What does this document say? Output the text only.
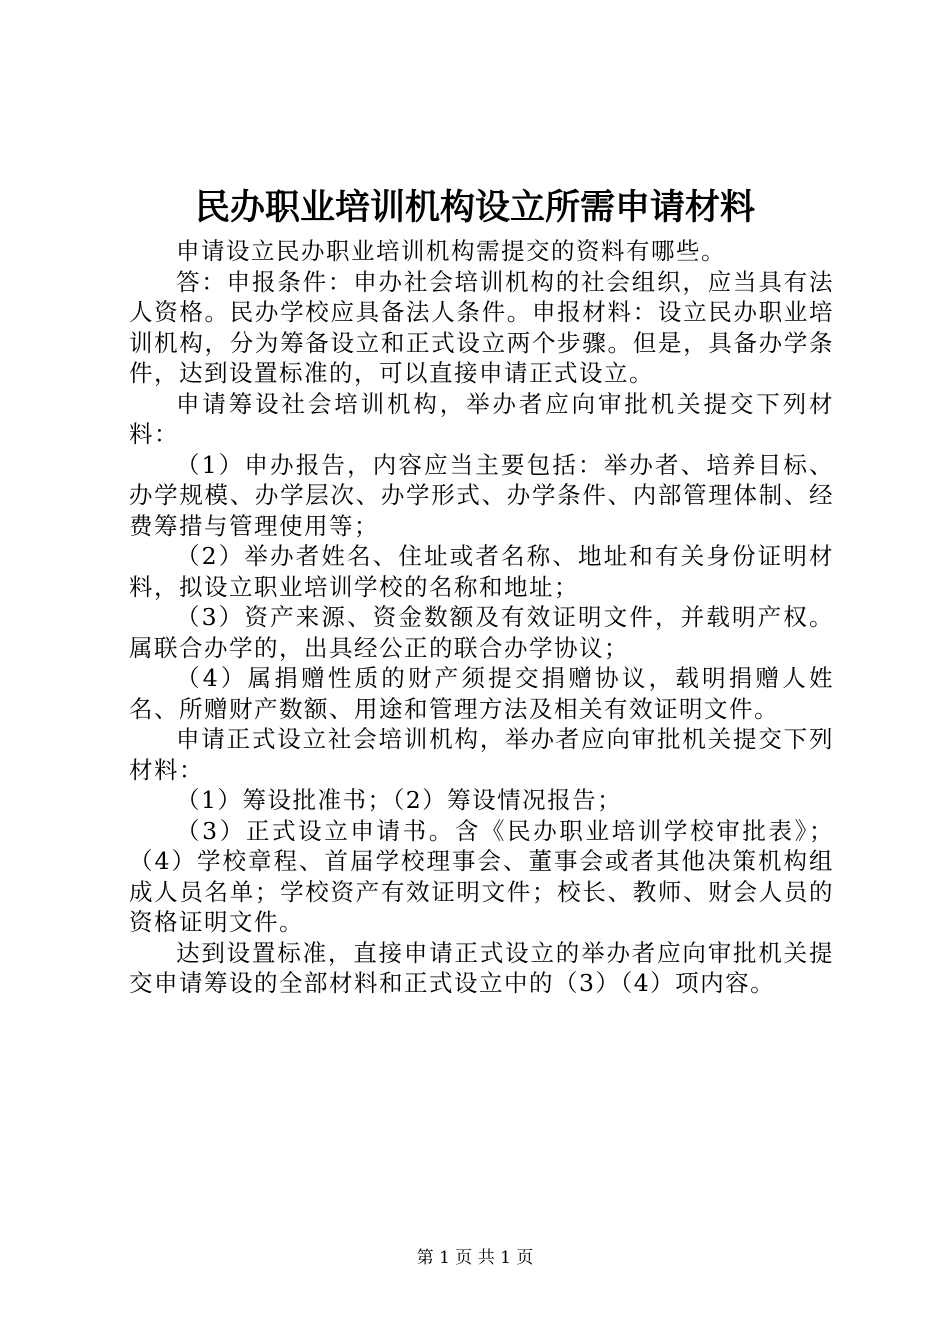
民办职业培训机构设立所需申请材料

申请设立民办职业培训机构需提交的资料有哪些。

答：申报条件：申办社会培训机构的社会组织，应当具有法人资格。民办学校应具备法人条件。申报材料：设立民办职业培训机构，分为筹备设立和正式设立两个步骤。但是，具备办学条件，达到设置标准的，可以直接申请正式设立。

申请筹设社会培训机构，举办者应向审批机关提交下列材料：

（1）申办报告，内容应当主要包括：举办者、培养目标、办学规模、办学层次、办学形式、办学条件、内部管理体制、经费筹措与管理使用等；

（2）举办者姓名、住址或者名称、地址和有关身份证明材料，拟设立职业培训学校的名称和地址；

（3）资产来源、资金数额及有效证明文件，并载明产权。属联合办学的，出具经公正的联合办学协议；

（4）属捐赠性质的财产须提交捐赠协议，载明捐赠人姓名、所赠财产数额、用途和管理方法及相关有效证明文件。

申请正式设立社会培训机构，举办者应向审批机关提交下列材料：

（1）筹设批准书；（2）筹设情况报告；

（3）正式设立申请书。含《民办职业培训学校审批表》；（4）学校章程、首届学校理事会、董事会或者其他决策机构组成人员名单；学校资产有效证明文件；校长、教师、财会人员的资格证明文件。

达到设置标准，直接申请正式设立的举办者应向审批机关提交申请筹设的全部材料和正式设立中的（3）（4）项内容。

第 1 页 共 1 页
